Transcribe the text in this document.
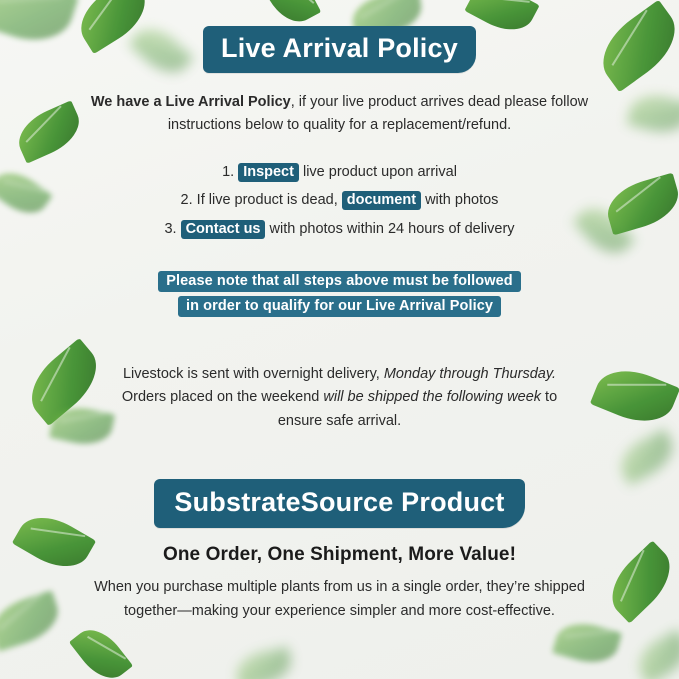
Live Arrival Policy

We have a Live Arrival Policy, if your live product arrives dead please follow instructions below to quality for a replacement/refund.

1. Inspect live product upon arrival
2. If live product is dead, document with photos
3. Contact us with photos within 24 hours of delivery
Please note that all steps above must be followed
in order to qualify for our Live Arrival Policy

Livestock is sent with overnight delivery, Monday through Thursday. Orders placed on the weekend will be shipped the following week to ensure safe arrival.

SubstrateSource Product
One Order, One Shipment, More Value!

When you purchase multiple plants from us in a single order, they’re shipped together—making your experience simpler and more cost-effective.
